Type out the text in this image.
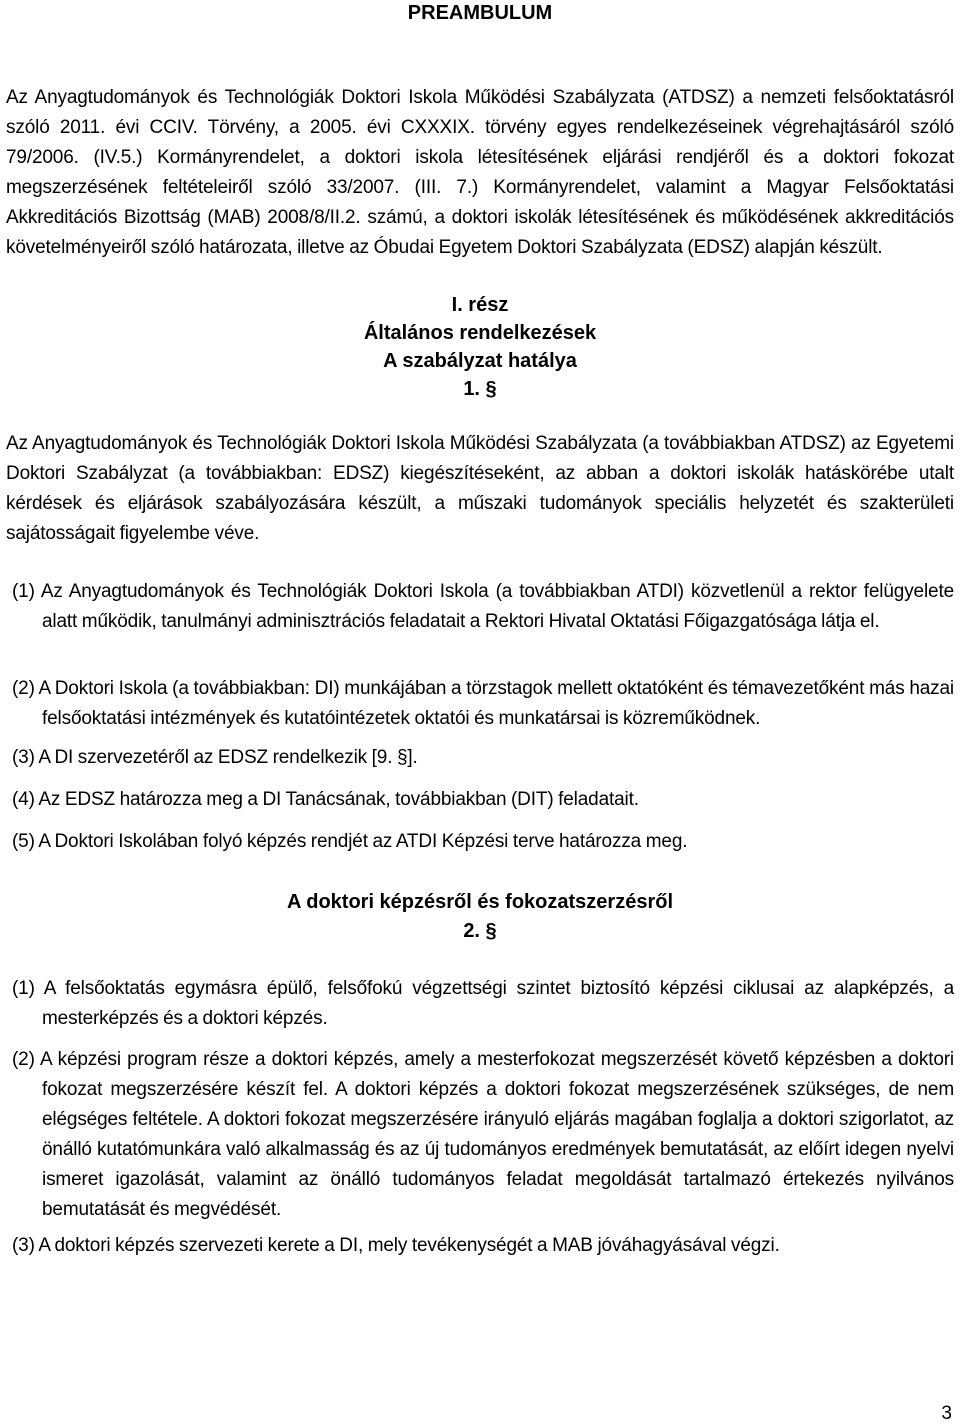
PREAMBULUM

Az Anyagtudományok és Technológiák Doktori Iskola Működési Szabályzata (ATDSZ) a nemzeti felsőoktatásról szóló 2011. évi CCIV. Törvény, a 2005. évi CXXXIX. törvény egyes rendelkezéseinek végrehajtásáról szóló 79/2006. (IV.5.) Kormányrendelet, a doktori iskola létesítésének eljárási rendjéről és a doktori fokozat megszerzésének feltételeiről szóló 33/2007. (III. 7.) Kormányrendelet, valamint a Magyar Felsőoktatási Akkreditációs Bizottság (MAB) 2008/8/II.2. számú, a doktori iskolák létesítésének és működésének akkreditációs követelményeiről szóló határozata, illetve az Óbudai Egyetem Doktori Szabályzata (EDSZ) alapján készült.

I. rész
Általános rendelkezések
A szabályzat hatálya
1. §

Az Anyagtudományok és Technológiák Doktori Iskola Működési Szabályzata (a továbbiakban ATDSZ) az Egyetemi Doktori Szabályzat (a továbbiakban: EDSZ) kiegészítéseként, az abban a doktori iskolák hatáskörébe utalt kérdések és eljárások szabályozására készült, a műszaki tudományok speciális helyzetét és szakterületi sajátosságait figyelembe véve.

(1) Az Anyagtudományok és Technológiák Doktori Iskola (a továbbiakban ATDI) közvetlenül a rektor felügyelete alatt működik, tanulmányi adminisztrációs feladatait a Rektori Hivatal Oktatási Főigazgatósága látja el.
(2) A Doktori Iskola (a továbbiakban: DI) munkájában a törzstagok mellett oktatóként és témavezetőként más hazai felsőoktatási intézmények és kutatóintézetek oktatói és munkatársai is közreműködnek.
(3) A DI szervezetéről az EDSZ rendelkezik [9. §].
(4) Az EDSZ határozza meg a DI Tanácsának, továbbiakban (DIT) feladatait.
(5) A Doktori Iskolában folyó képzés rendjét az ATDI Képzési terve határozza meg.
A doktori képzésről és fokozatszerzésről
2. §
(1) A felsőoktatás egymásra épülő, felsőfokú végzettségi szintet biztosító képzési ciklusai az alapképzés, a mesterképzés és a doktori képzés.
(2) A képzési program része a doktori képzés, amely a mesterfokozat megszerzését követő képzésben a doktori fokozat megszerzésére készít fel. A doktori képzés a doktori fokozat megszerzésének szükséges, de nem elégséges feltétele. A doktori fokozat megszerzésére irányuló eljárás magában foglalja a doktori szigorlatot, az önálló kutatómunkára való alkalmasság és az új tudományos eredmények bemutatását, az előírt idegen nyelvi ismeret igazolását, valamint az önálló tudományos feladat megoldását tartalmazó értekezés nyilvános bemutatását és megvédését.
(3) A doktori képzés szervezeti kerete a DI, mely tevékenységét a MAB jóváhagyásával végzi.
3
